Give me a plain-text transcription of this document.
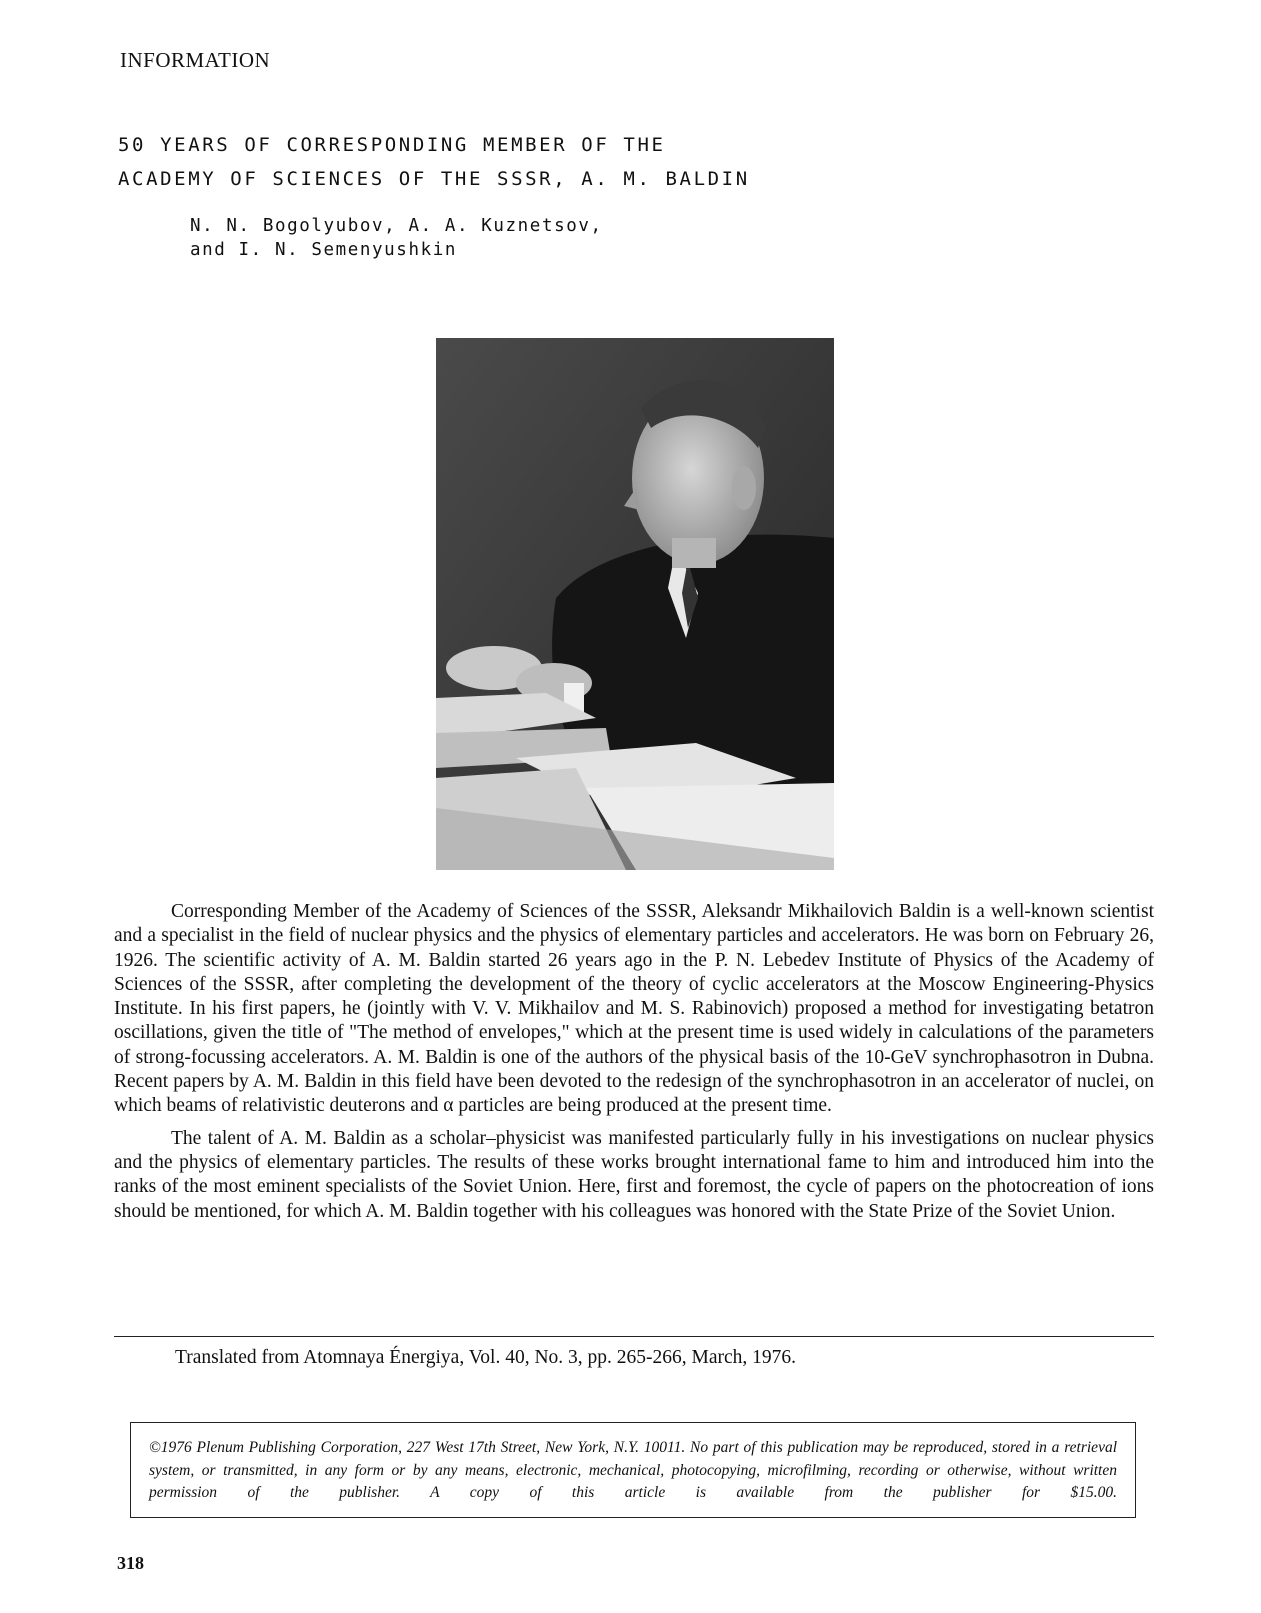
INFORMATION
50 YEARS OF CORRESPONDING MEMBER OF THE
ACADEMY OF SCIENCES OF THE SSSR, A. M. BALDIN
N. N. Bogolyubov, A. A. Kuznetsov,
and I. N. Semenyushkin

Corresponding Member of the Academy of Sciences of the SSSR, Aleksandr Mikhailovich Baldin is a well-known scientist and a specialist in the field of nuclear physics and the physics of elementary particles and accelerators. He was born on February 26, 1926. The scientific activity of A. M. Baldin started 26 years ago in the P. N. Lebedev Institute of Physics of the Academy of Sciences of the SSSR, after completing the development of the theory of cyclic accelerators at the Moscow Engineering-Physics Institute. In his first papers, he (jointly with V. V. Mikhailov and M. S. Rabinovich) proposed a method for investigating betatron oscillations, given the title of "The method of envelopes," which at the present time is used widely in calculations of the parameters of strong-focussing accelerators. A. M. Baldin is one of the authors of the physical basis of the 10-GeV synchrophasotron in Dubna. Recent papers by A. M. Baldin in this field have been devoted to the redesign of the synchrophasotron in an accelerator of nuclei, on which beams of relativistic deuterons and α particles are being produced at the present time.

The talent of A. M. Baldin as a scholar–physicist was manifested particularly fully in his investigations on nuclear physics and the physics of elementary particles. The results of these works brought international fame to him and introduced him into the ranks of the most eminent specialists of the Soviet Union. Here, first and foremost, the cycle of papers on the photocreation of ions should be mentioned, for which A. M. Baldin together with his colleagues was honored with the State Prize of the Soviet Union.

Translated from Atomnaya Énergiya, Vol. 40, No. 3, pp. 265-266, March, 1976.
©1976 Plenum Publishing Corporation, 227 West 17th Street, New York, N.Y. 10011. No part of this publication may be reproduced, stored in a retrieval system, or transmitted, in any form or by any means, electronic, mechanical, photocopying, microfilming, recording or otherwise, without written permission of the publisher. A copy of this article is available from the publisher for $15.00.
318
